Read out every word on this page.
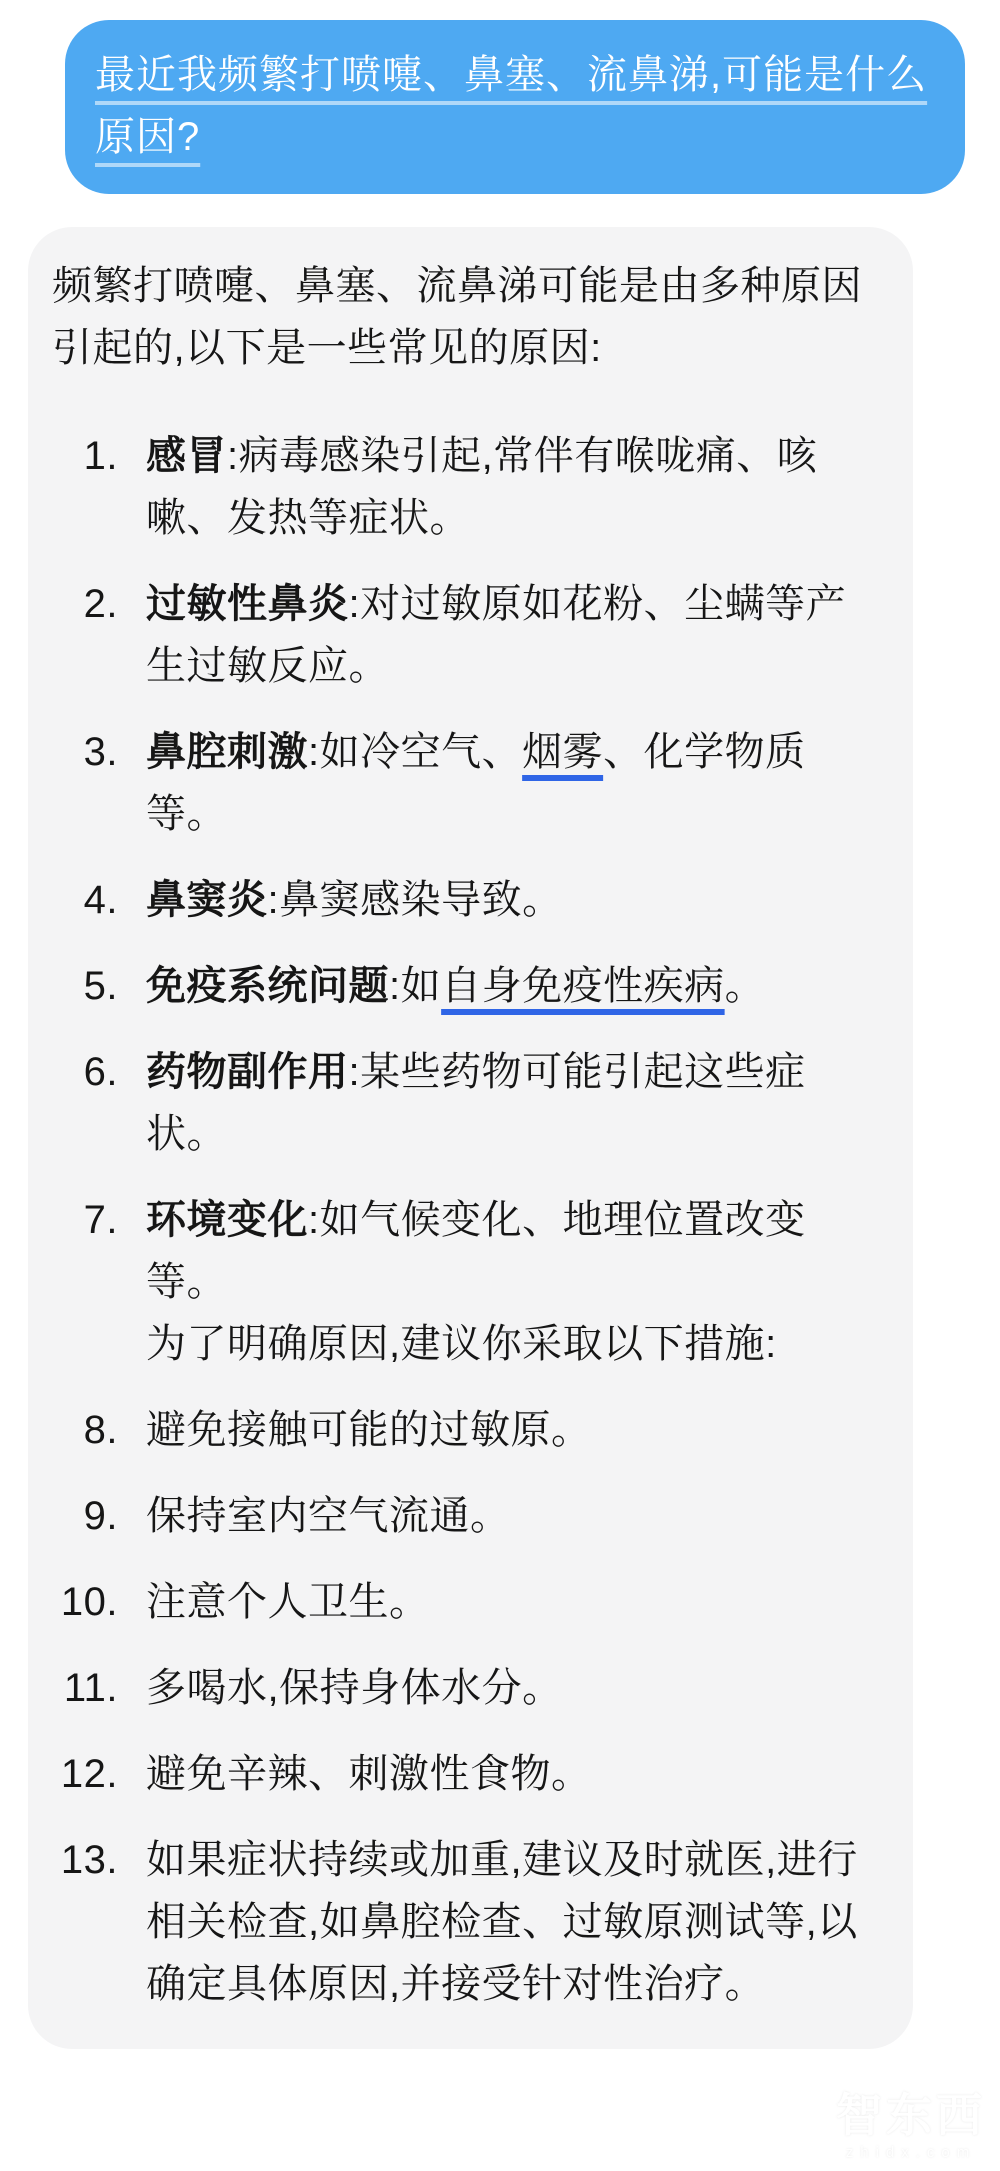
最近我频繁打喷嚏、鼻塞、流鼻涕,可能是什么原因?

频繁打喷嚏、鼻塞、流鼻涕可能是由多种原因引起的,以下是一些常见的原因:

1. 感冒:病毒感染引起,常伴有喉咙痛、咳嗽、发热等症状。
2. 过敏性鼻炎:对过敏原如花粉、尘螨等产生过敏反应。
3. 鼻腔刺激:如冷空气、烟雾、化学物质等。
4. 鼻窦炎:鼻窦感染导致。
5. 免疫系统问题:如自身免疫性疾病。
6. 药物副作用:某些药物可能引起这些症状。
7. 环境变化:如气候变化、地理位置改变等。
为了明确原因,建议你采取以下措施:
8. 避免接触可能的过敏原。
9. 保持室内空气流通。
10. 注意个人卫生。
11. 多喝水,保持身体水分。
12. 避免辛辣、刺激性食物。
13. 如果症状持续或加重,建议及时就医,进行相关检查,如鼻腔检查、过敏原测试等,以确定具体原因,并接受针对性治疗。
智东西
zhidx.com
